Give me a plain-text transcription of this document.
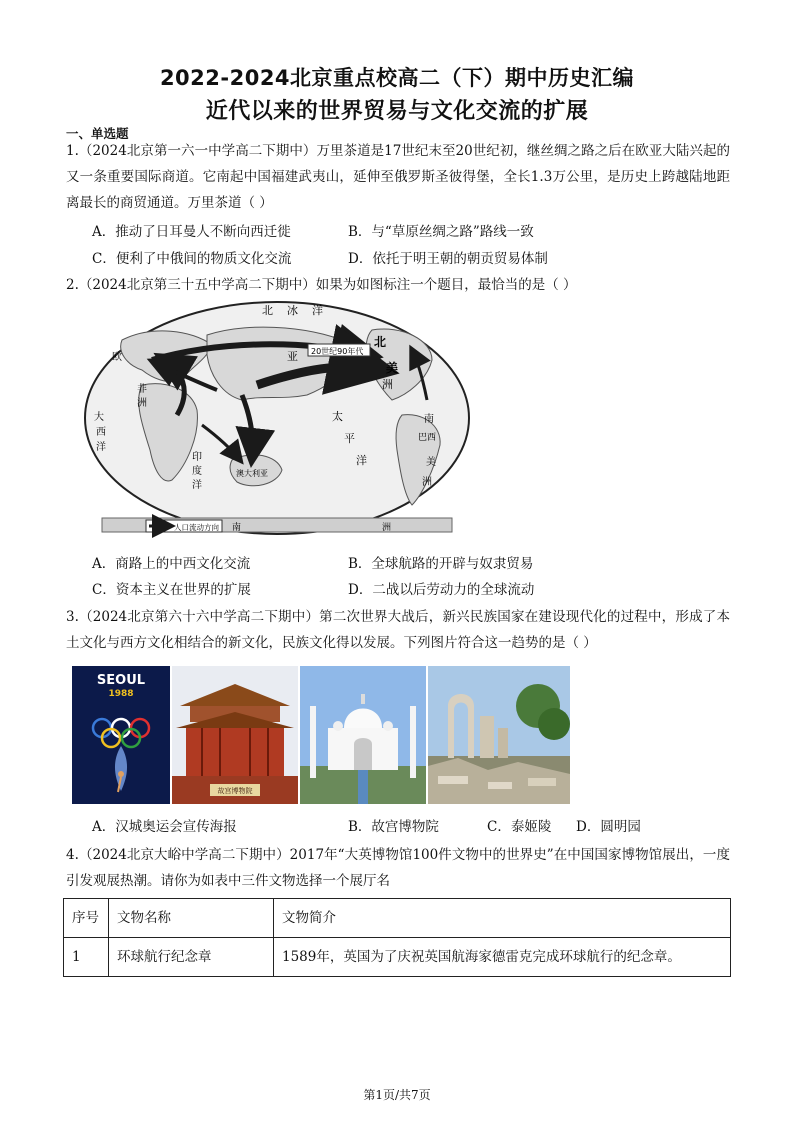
2022-2024北京重点校高二（下）期中历史汇编
近代以来的世界贸易与文化交流的扩展
一、单选题

1.（2024北京第一六一中学高二下期中）万里茶道是17世纪末至20世纪初，继丝绸之路之后在欧亚大陆兴起的又一条重要国际商道。它南起中国福建武夷山，延伸至俄罗斯圣彼得堡，全长1.3万公里，是历史上跨越陆地距离最长的商贸通道。万里茶道（ ）

A．推动了日耳曼人不断向西迁徙	B．与“草原丝绸之路”路线一致
C．便利了中俄间的物质文化交流	D．依托于明王朝的朝贡贸易体制

2.（2024北京第三十五中学高二下期中）如果为如图标注一个题目，最恰当的是（ ）

北 冰 洋
大
西
洋
太
平
洋
印
度
洋
北
美
洲
南
美
洲
亚
欧
非
洲
巴西
澳大利亚
20世纪90年代
南	洲
人口流动方向
A．商路上的中西文化交流	B．全球航路的开辟与奴隶贸易
C．资本主义在世界的扩展	D．二战以后劳动力的全球流动

3.（2024北京第六十六中学高二下期中）第二次世界大战后，新兴民族国家在建设现代化的过程中，形成了本土文化与西方文化相结合的新文化，民族文化得以发展。下列图片符合这一趋势的是（ ）

SEOUL
1988
故宫博物院
A．汉城奥运会宣传海报	B．故宫博物院	C．泰姬陵 D．圆明园

4.（2024北京大峪中学高二下期中）2017年“大英博物馆100件文物中的世界史”在中国国家博物馆展出，一度引发观展热潮。请你为如表中三件文物选择一个展厅名

序号	文物名称	文物简介
1	环球航行纪念章	1589年，英国为了庆祝英国航海家德雷克完成环球航行的纪念章。
第1页/共7页
